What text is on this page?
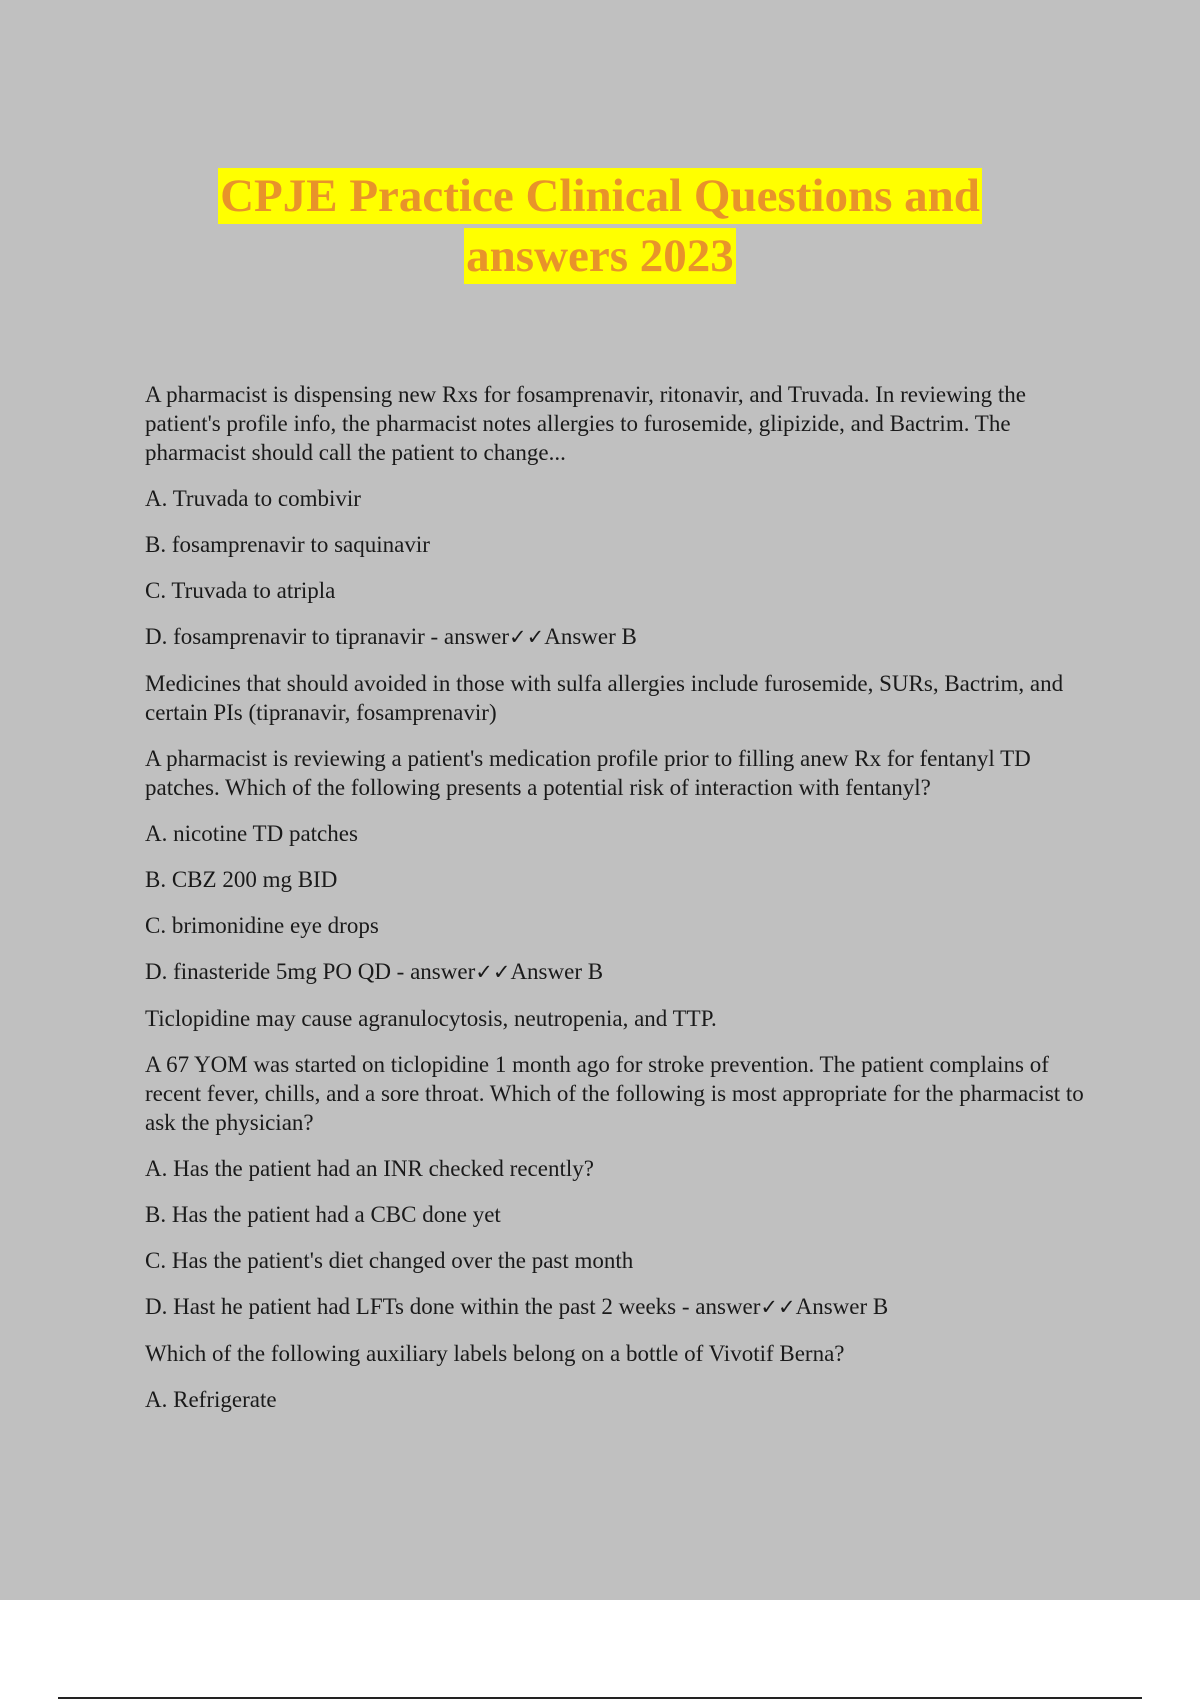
CPJE Practice Clinical Questions and
answers 2023

A pharmacist is dispensing new Rxs for fosamprenavir, ritonavir, and Truvada. In reviewing the patient's profile info, the pharmacist notes allergies to furosemide, glipizide, and Bactrim. The pharmacist should call the patient to change...

A. Truvada to combivir

B. fosamprenavir to saquinavir

C. Truvada to atripla

D. fosamprenavir to tipranavir - answer✓✓Answer B

Medicines that should avoided in those with sulfa allergies include furosemide, SURs, Bactrim, and certain PIs (tipranavir, fosamprenavir)

A pharmacist is reviewing a patient's medication profile prior to filling anew Rx for fentanyl TD patches. Which of the following presents a potential risk of interaction with fentanyl?

A. nicotine TD patches

B. CBZ 200 mg BID

C. brimonidine eye drops

D. finasteride 5mg PO QD - answer✓✓Answer B

Ticlopidine may cause agranulocytosis, neutropenia, and TTP.

A 67 YOM was started on ticlopidine 1 month ago for stroke prevention. The patient complains of recent fever, chills, and a sore throat. Which of the following is most appropriate for the pharmacist to ask the physician?

A. Has the patient had an INR checked recently?

B. Has the patient had a CBC done yet

C. Has the patient's diet changed over the past month

D. Hast he patient had LFTs done within the past 2 weeks - answer✓✓Answer B

Which of the following auxiliary labels belong on a bottle of Vivotif Berna?

A. Refrigerate
